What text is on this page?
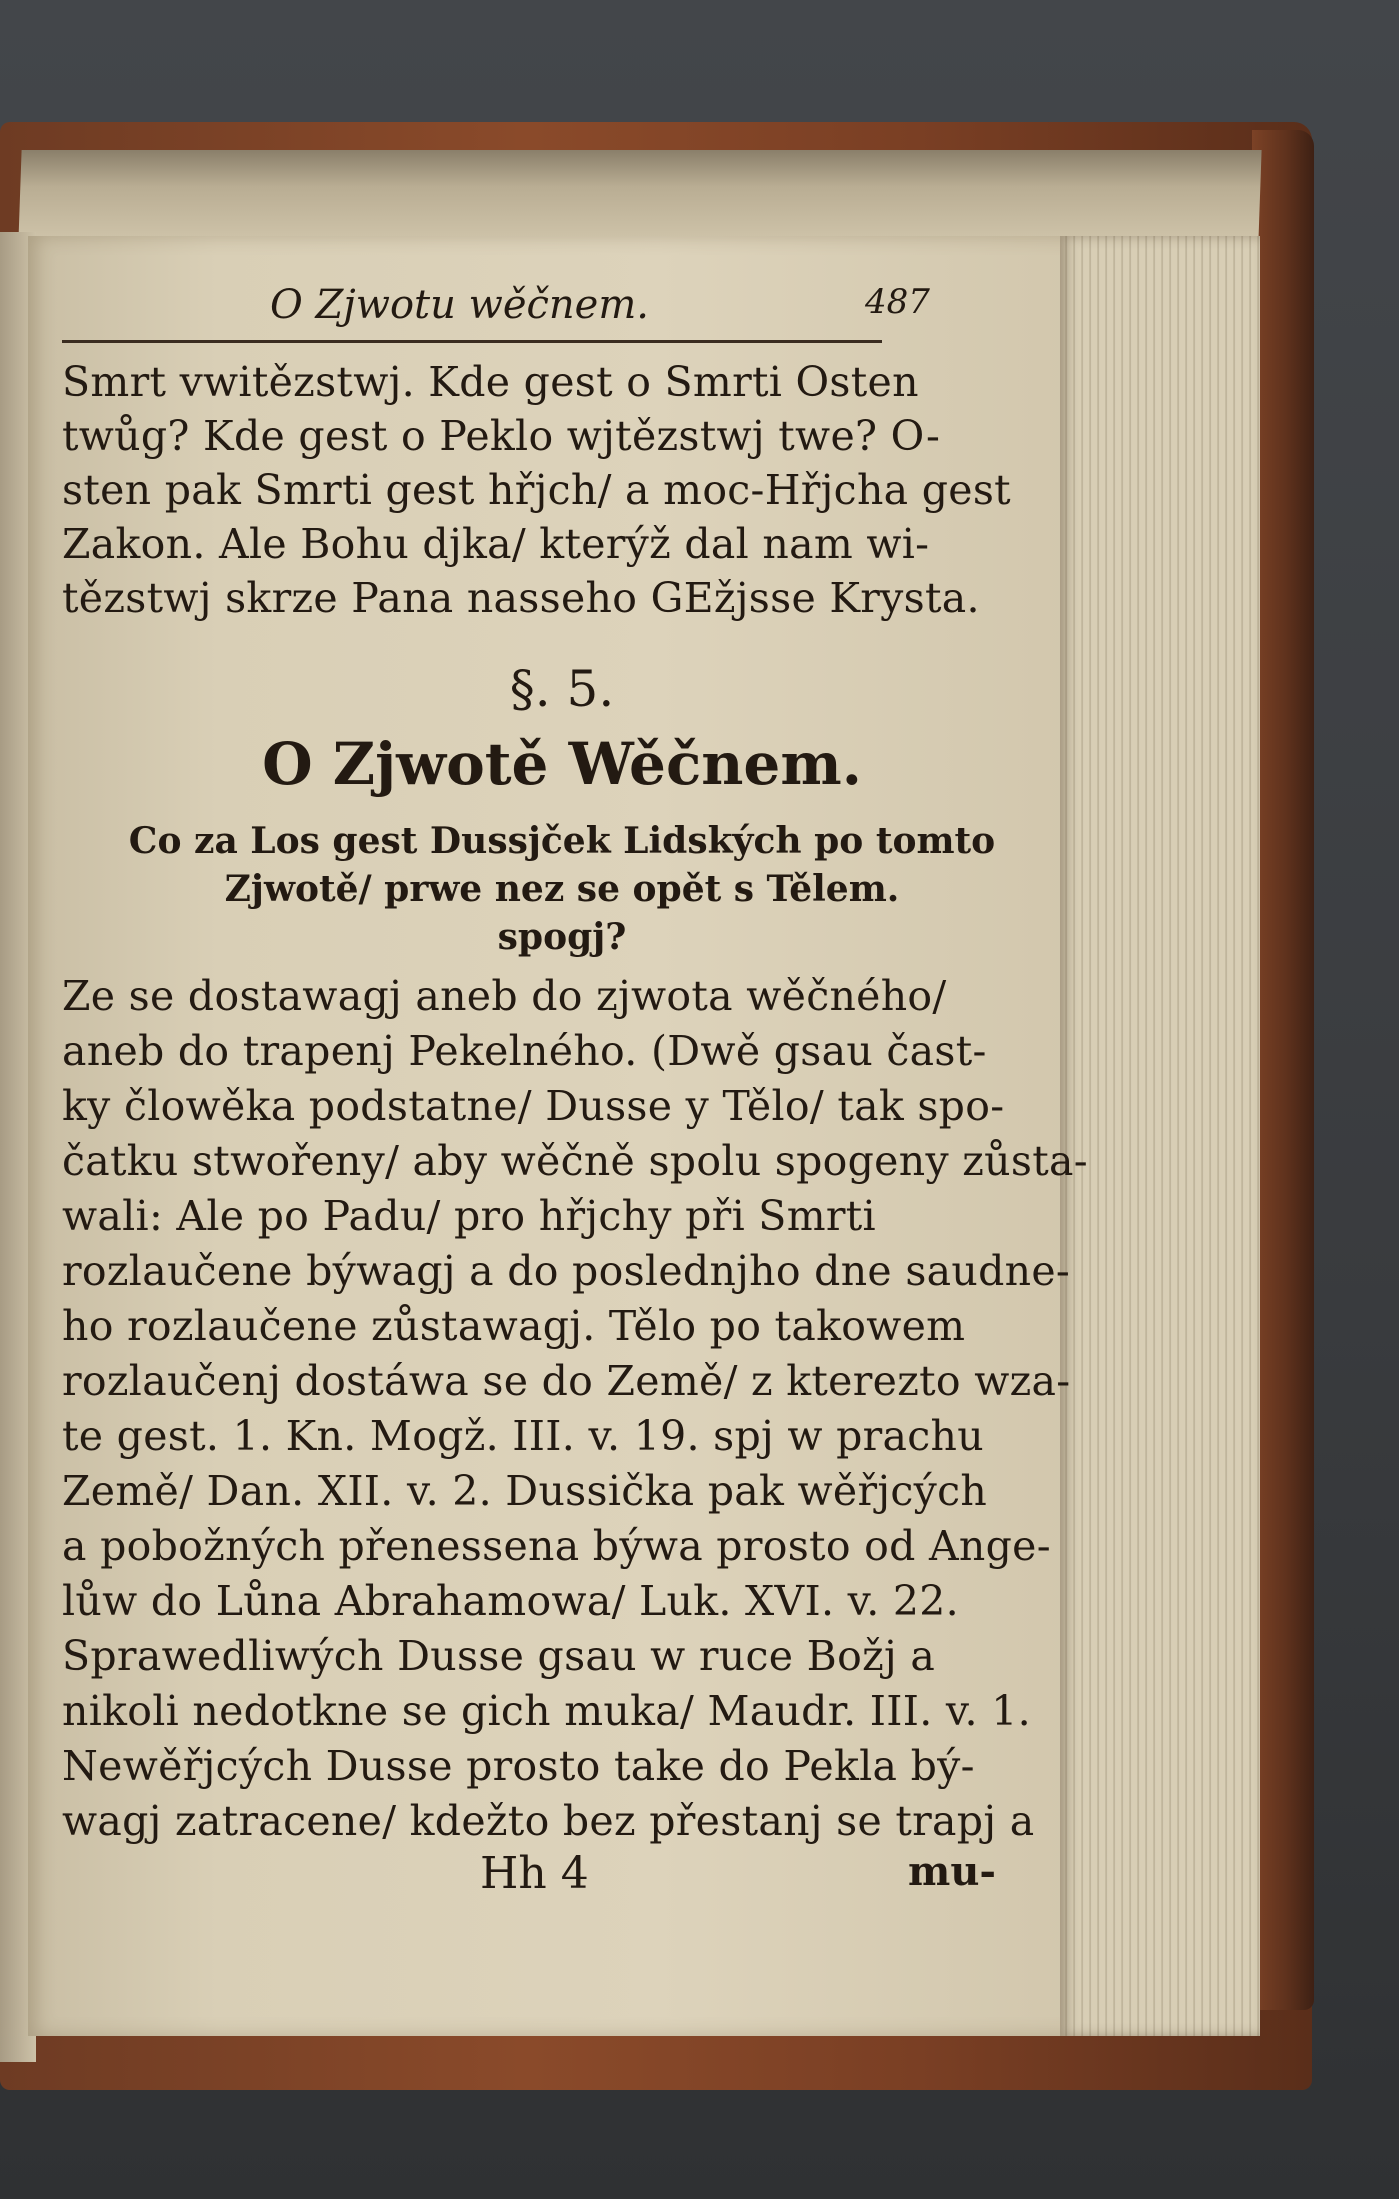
O Zjwotu wěčnem.	487
Smrt vwitězstwj. Kde gest o Smrti Osten
twůg? Kde gest o Peklo wjtězstwj twe? O-
sten pak Smrti gest hřjch/ a moc-Hřjcha gest
Zakon. Ale Bohu djka/ kterýž dal nam wi-
tězstwj skrze Pana nasseho GEžjsse Krysta.
§. 5.
O Zjwotě Wěčnem.
Co za Los gest Dussjček Lidských po tomto
Zjwotě/ prwe nez se opět s Tělem.
spogj?
Ze se dostawagj aneb do zjwota wěčného/
aneb do trapenj Pekelného. (Dwě gsau čast-
ky člowěka podstatne/ Dusse y Tělo/ tak spo-
čatku stwořeny/ aby wěčně spolu spogeny zůsta-
wali: Ale po Padu/ pro hřjchy při Smrti
rozlaučene býwagj a do poslednjho dne saudne-
ho rozlaučene zůstawagj. Tělo po takowem
rozlaučenj dostáwa se do Země/ z kterezto wza-
te gest. 1. Kn. Mogž. III. v. 19. spj w prachu
Země/ Dan. XII. v. 2. Dussička pak wěřjcých
a pobožných přenessena býwa prosto od Ange-
lůw do Lůna Abrahamowa/ Luk. XVI. v. 22.
Sprawedliwých Dusse gsau w ruce Božj a
nikoli nedotkne se gich muka/ Maudr. III. v. 1.
Newěřjcých Dusse prosto take do Pekla bý-
wagj zatracene/ kdežto bez přestanj se trapj a
Hh 4	mu-
